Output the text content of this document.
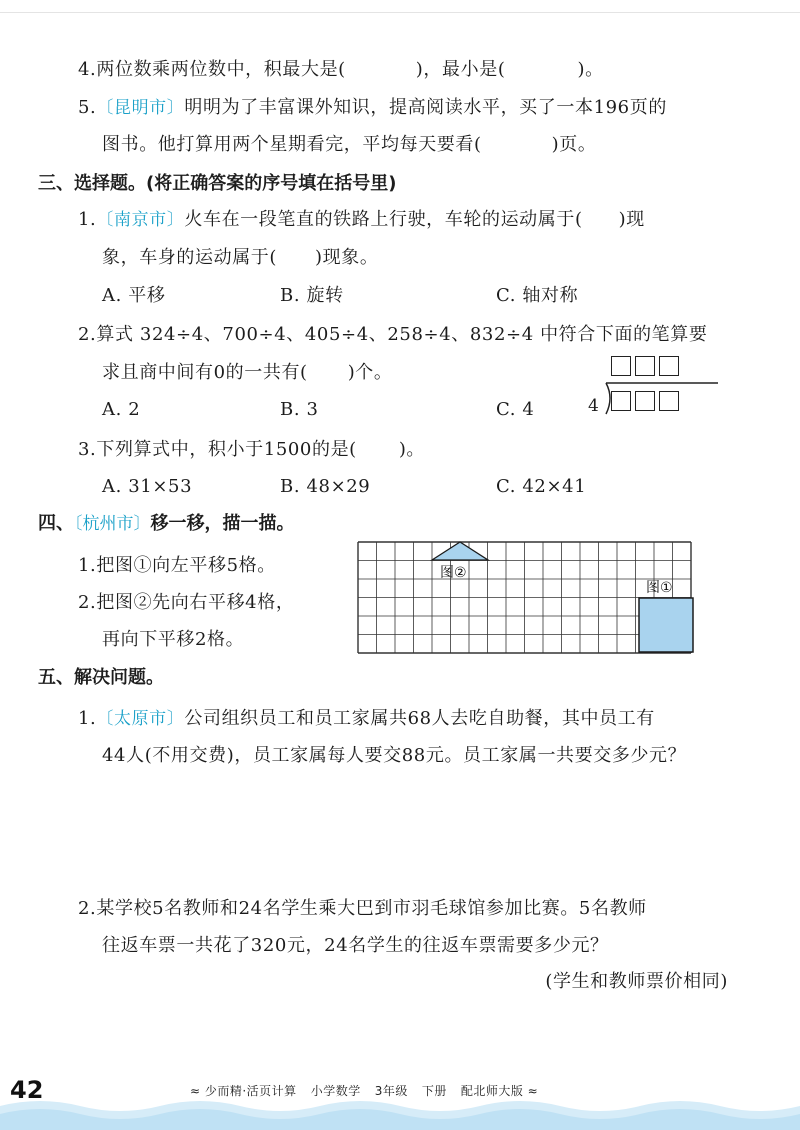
4.两位数乘两位数中，积最大是(	)，最小是(	)。
5.〔昆明市〕明明为了丰富课外知识，提高阅读水平，买了一本196页的
图书。他打算用两个星期看完，平均每天要看(	)页。
三、选择题。(将正确答案的序号填在括号里)
1.〔南京市〕火车在一段笔直的铁路上行驶，车轮的运动属于( )现
象，车身的运动属于( )现象。
A. 平移	B. 旋转	C. 轴对称
2.算式 324÷4、700÷4、405÷4、258÷4、832÷4 中符合下面的笔算要
求且商中间有0的一共有( )个。
A. 2	B. 3	C. 4	4
3.下列算式中，积小于1500的是( )。
A. 31×53	B. 48×29	C. 42×41
四、〔杭州市〕移一移，描一描。
1.把图①向左平移5格。
2.把图②先向右平移4格，
再向下平移2格。
图②
图①
五、解决问题。
1.〔太原市〕公司组织员工和员工家属共68人去吃自助餐，其中员工有
44人(不用交费)，员工家属每人要交88元。员工家属一共要交多少元？
2.某学校5名教师和24名学生乘大巴到市羽毛球馆参加比赛。5名教师
往返车票一共花了320元，24名学生的往返车票需要多少元？
(学生和教师票价相同)
42	≈ 少而精·活页计算 小学数学 3年级 下册 配北师大版 ≈
